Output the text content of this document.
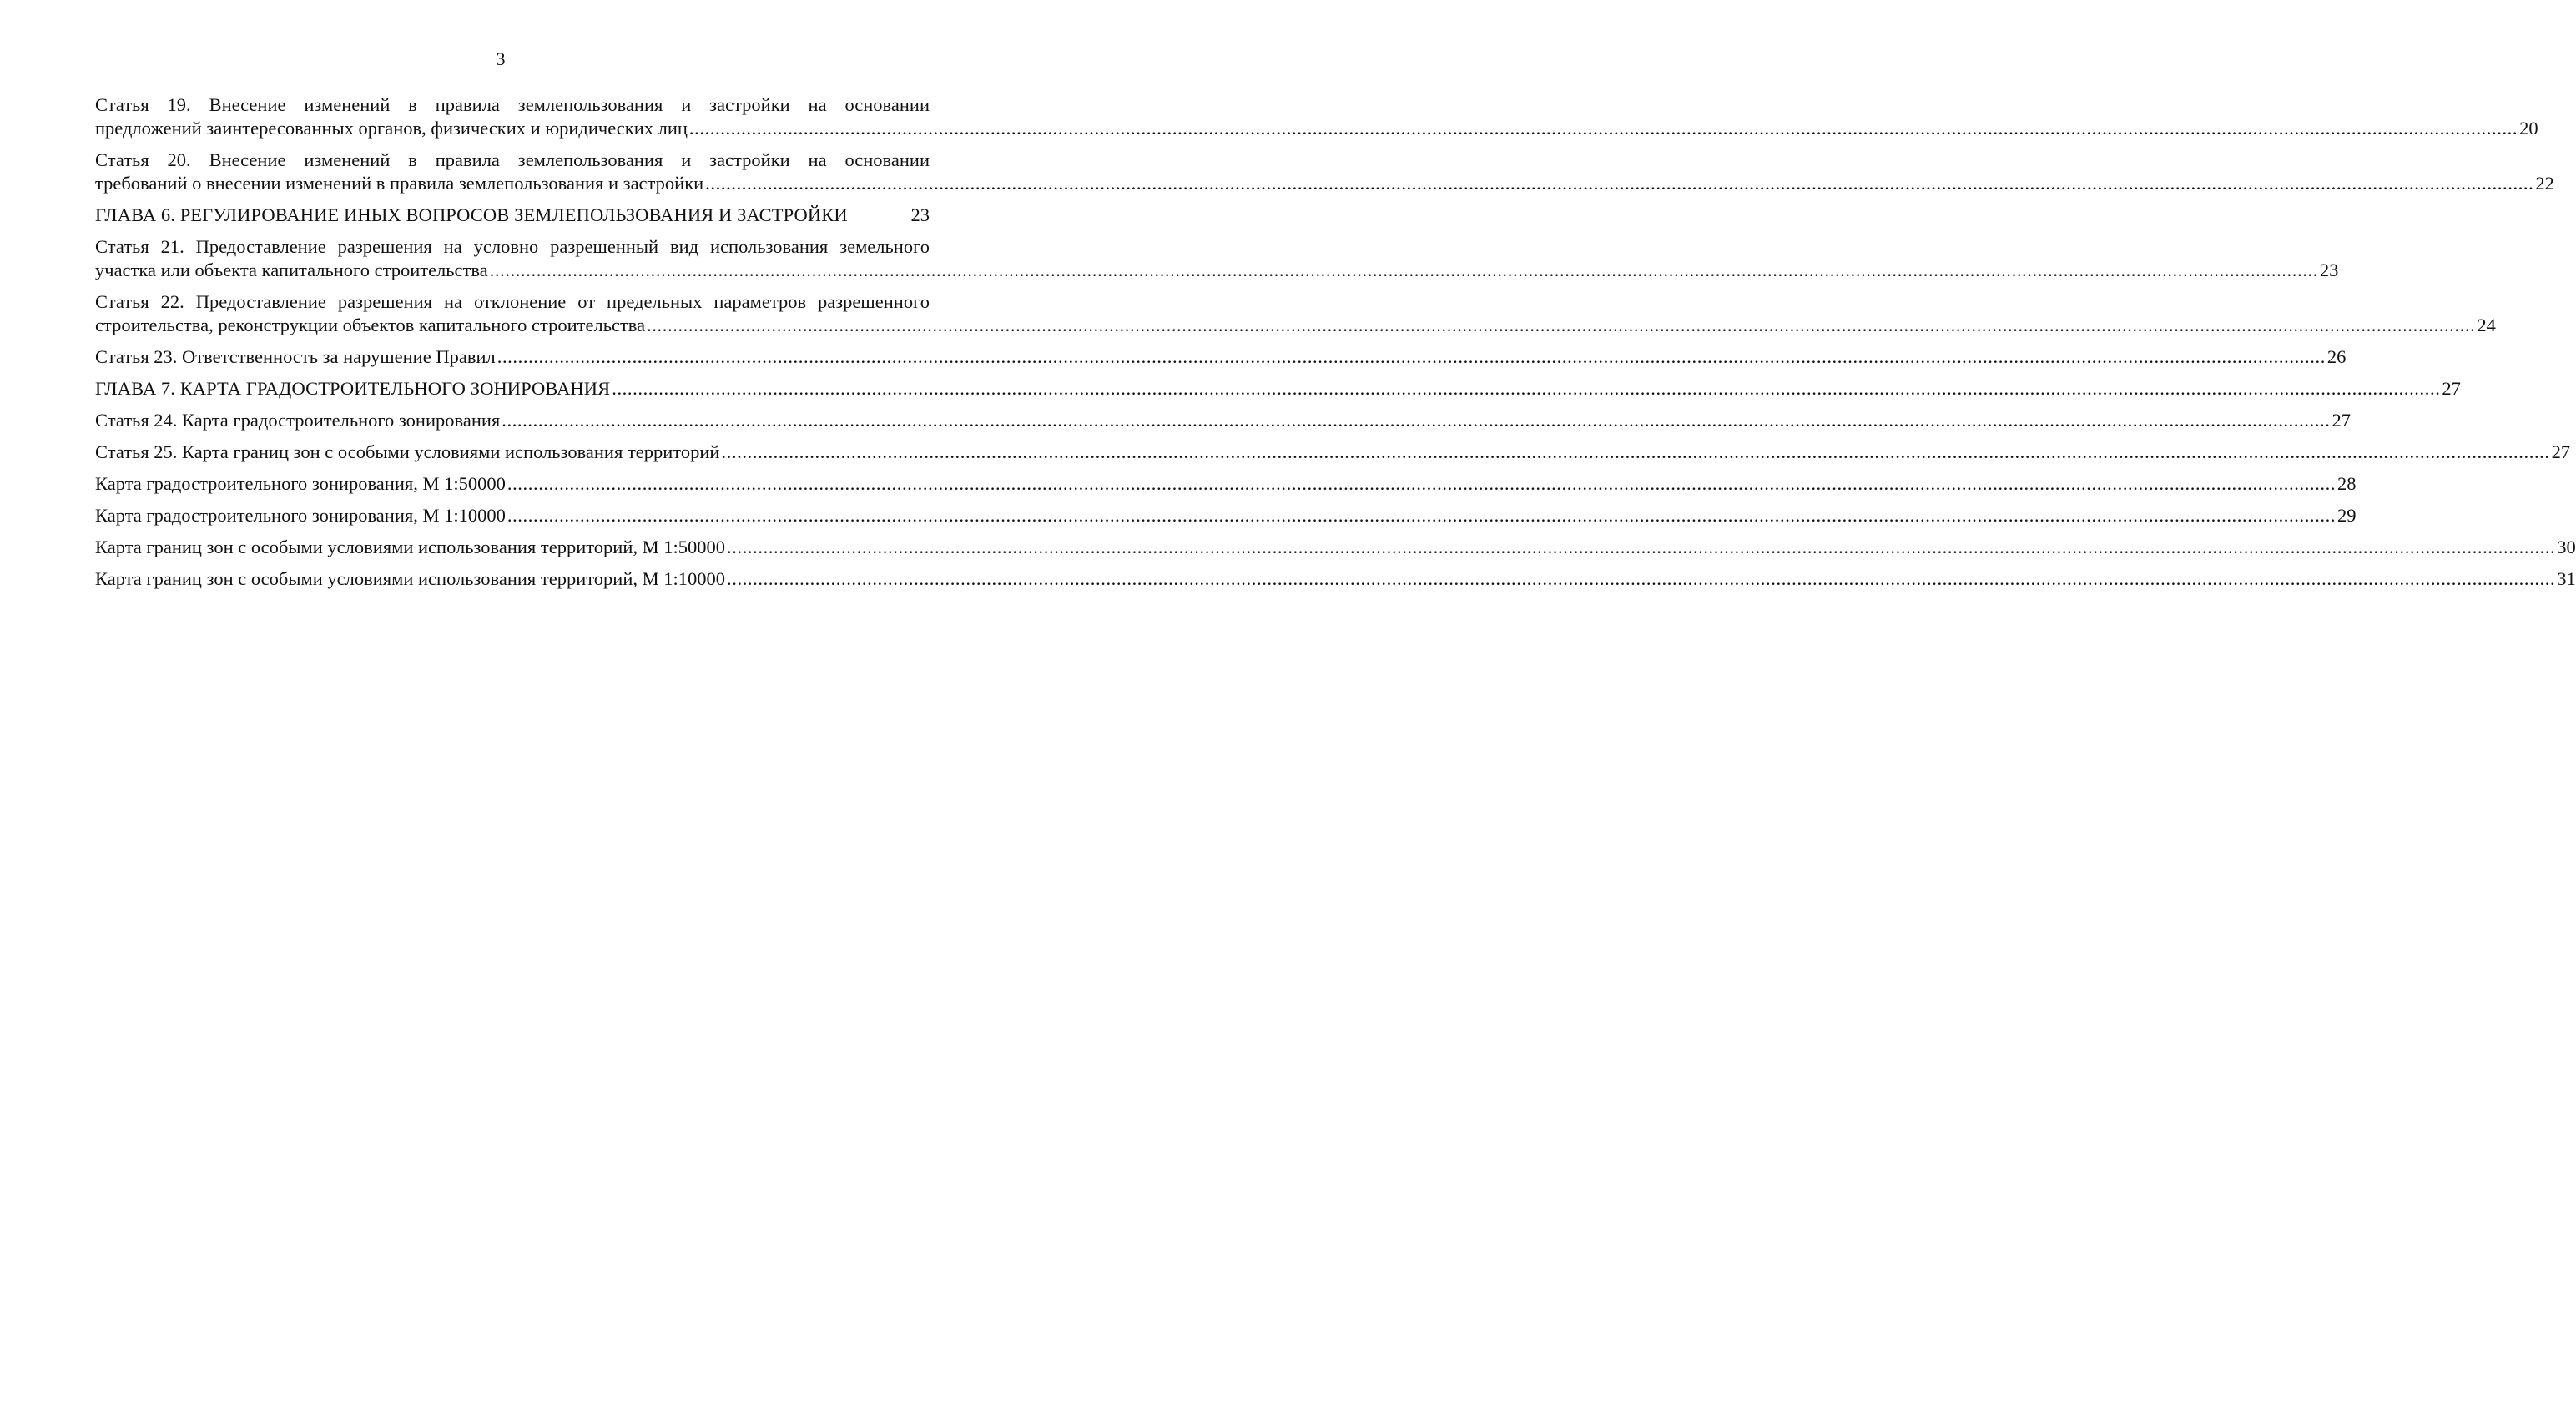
3
Статья 19. Внесение изменений в правила землепользования и застройки на основании
предложений заинтересованных органов, физических и юридических лиц .....	20
Статья 20. Внесение изменений в правила землепользования и застройки на основании
требований о внесении изменений в правила землепользования и застройки .....	22
ГЛАВА 6. РЕГУЛИРОВАНИЕ ИНЫХ ВОПРОСОВ ЗЕМЛЕПОЛЬЗОВАНИЯ И ЗАСТРОЙКИ	23
Статья 21. Предоставление разрешения на условно разрешенный вид использования земельного
участка или объекта капитального строительства .....	23
Статья 22. Предоставление разрешения на отклонение от предельных параметров разрешенного
строительства, реконструкции объектов капитального строительства .....	24
Статья 23. Ответственность за нарушение Правил .....	26
ГЛАВА 7. КАРТА ГРАДОСТРОИТЕЛЬНОГО ЗОНИРОВАНИЯ .....	27
Статья 24. Карта градостроительного зонирования .....	27
Статья 25. Карта границ зон с особыми условиями использования территорий .....	27
Карта градостроительного зонирования, М 1:50000 .....	28
Карта градостроительного зонирования, М 1:10000 .....	29
Карта границ зон с особыми условиями использования территорий, М 1:50000 .....	30
Карта границ зон с особыми условиями использования территорий, М 1:10000 .....	31
